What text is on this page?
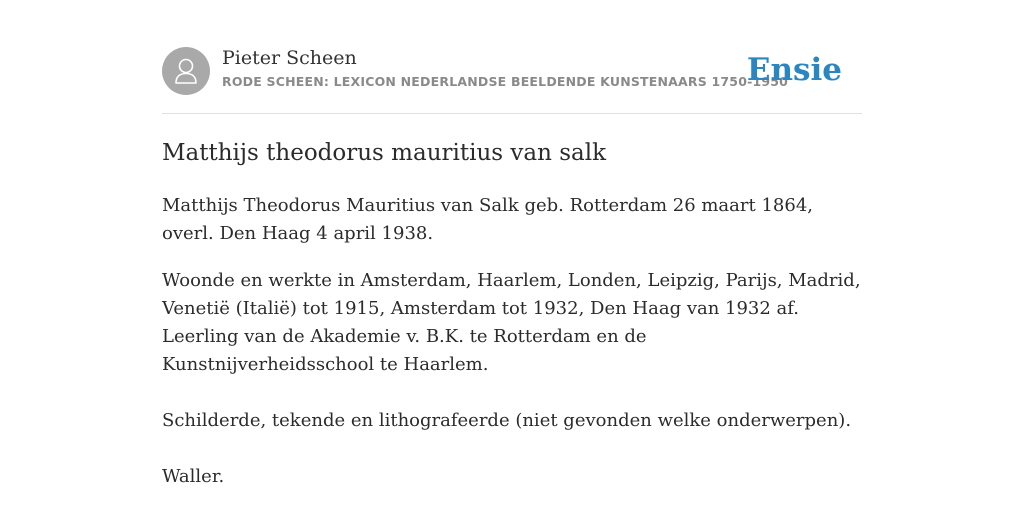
Pieter Scheen
RODE SCHEEN: LEXICON NEDERLANDSE BEELDENDE KUNSTENAARS 1750-1950
Ensie
Matthijs theodorus mauritius van salk

Matthijs Theodorus Mauritius van Salk geb. Rotterdam 26 maart 1864, overl. Den Haag 4 april 1938.

Woonde en werkte in Amsterdam, Haarlem, Londen, Leipzig, Parijs, Madrid, Venetië (Italië) tot 1915, Amsterdam tot 1932, Den Haag van 1932 af. Leerling van de Akademie v. B.K. te Rotterdam en de Kunstnijverheidsschool te Haarlem.

Schilderde, tekende en lithografeerde (niet gevonden welke onderwerpen).

Waller.
